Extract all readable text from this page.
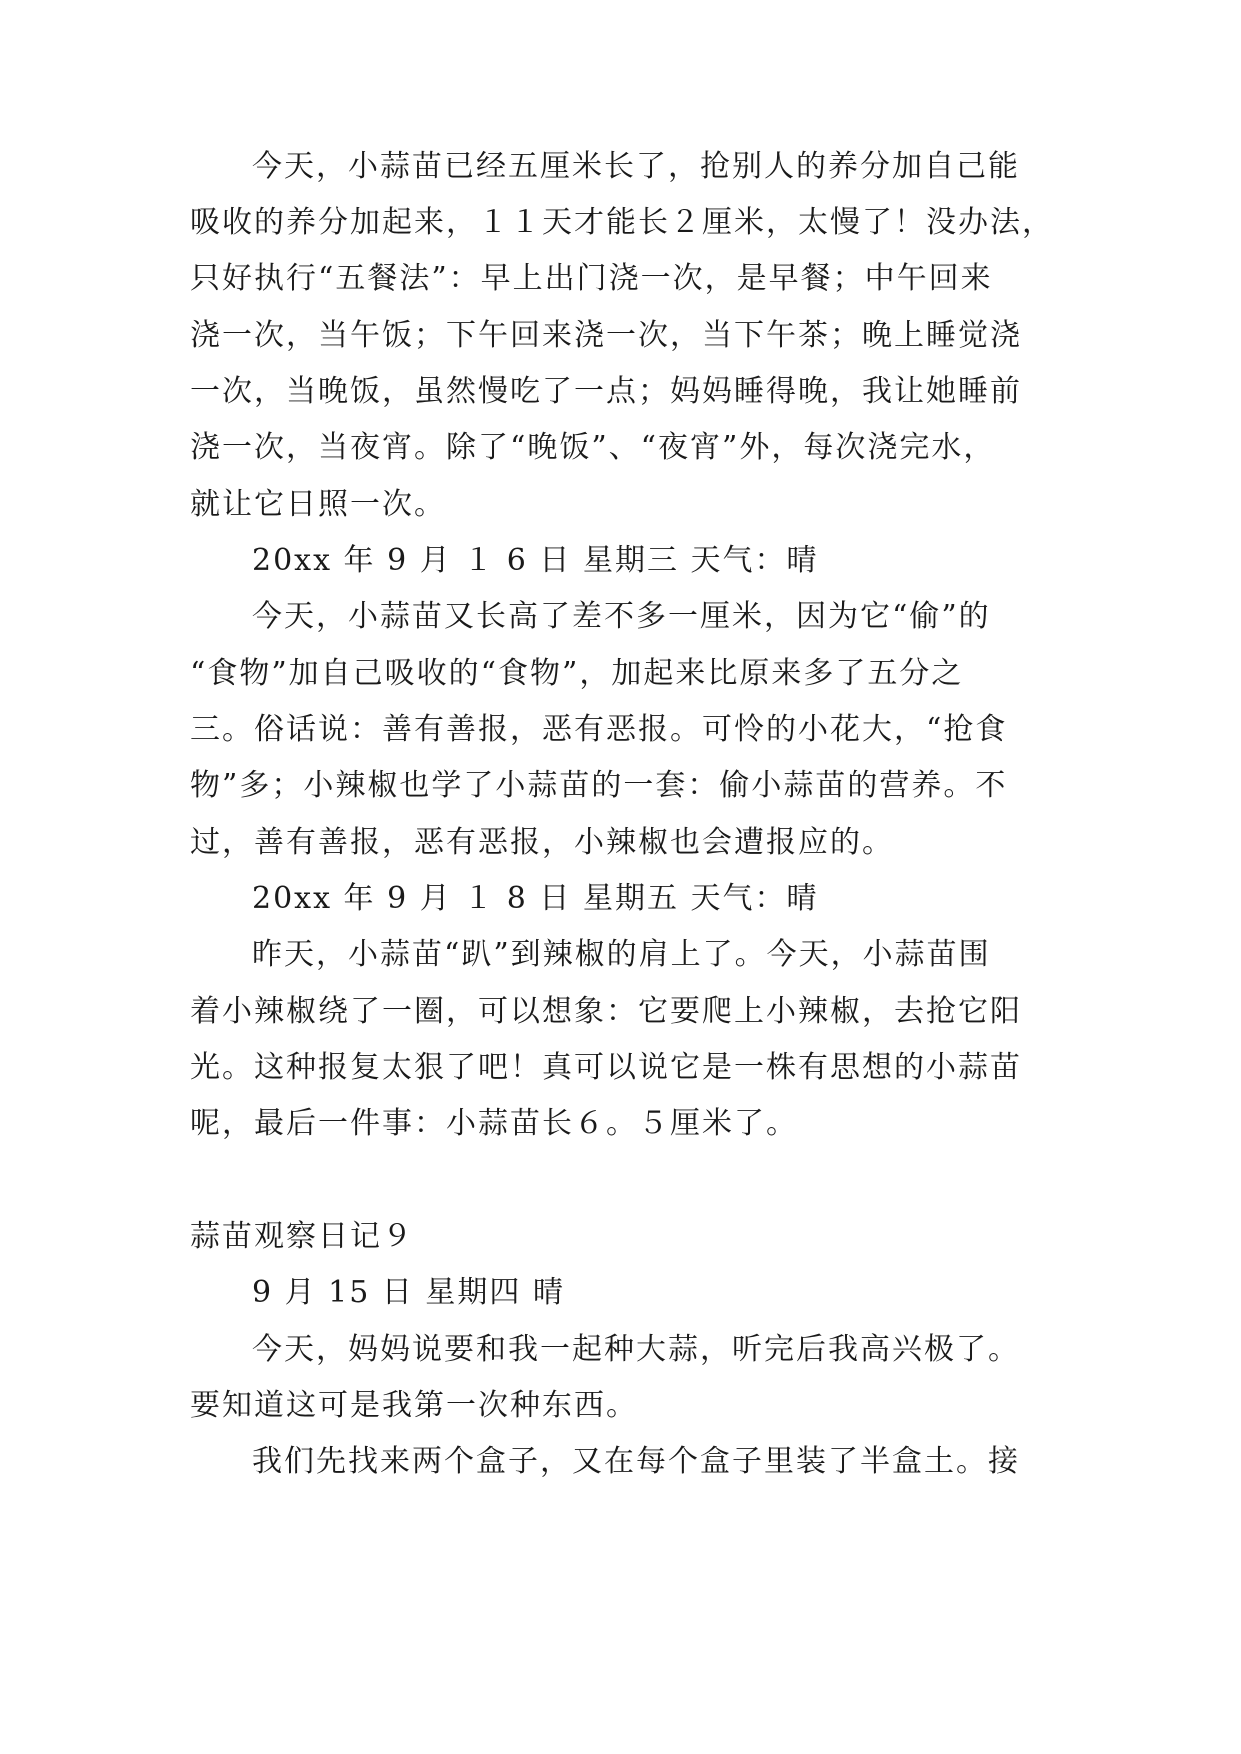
今天，小蒜苗已经五厘米长了，抢别人的养分加自己能
吸收的养分加起来，１１天才能长２厘米，太慢了！没办法，
只好执行“五餐法”：早上出门浇一次，是早餐；中午回来
浇一次，当午饭；下午回来浇一次，当下午茶；晚上睡觉浇
一次，当晚饭，虽然慢吃了一点；妈妈睡得晚，我让她睡前
浇一次，当夜宵。除了“晚饭”、“夜宵”外，每次浇完水，
就让它日照一次。
20xx 年 9 月 １ 6 日 星期三 天气：晴
今天，小蒜苗又长高了差不多一厘米，因为它“偷”的
“食物”加自己吸收的“食物”，加起来比原来多了五分之
三。俗话说：善有善报，恶有恶报。可怜的小花大，“抢食
物”多；小辣椒也学了小蒜苗的一套：偷小蒜苗的营养。不
过，善有善报，恶有恶报，小辣椒也会遭报应的。
20xx 年 9 月 １ 8 日 星期五 天气：晴
昨天，小蒜苗“趴”到辣椒的肩上了。今天，小蒜苗围
着小辣椒绕了一圈，可以想象：它要爬上小辣椒，去抢它阳
光。这种报复太狠了吧！真可以说它是一株有思想的小蒜苗
呢，最后一件事：小蒜苗长６。５厘米了。
蒜苗观察日记９
9 月 15 日 星期四 晴
今天，妈妈说要和我一起种大蒜，听完后我高兴极了。
要知道这可是我第一次种东西。
我们先找来两个盒子，又在每个盒子里装了半盒土。接
